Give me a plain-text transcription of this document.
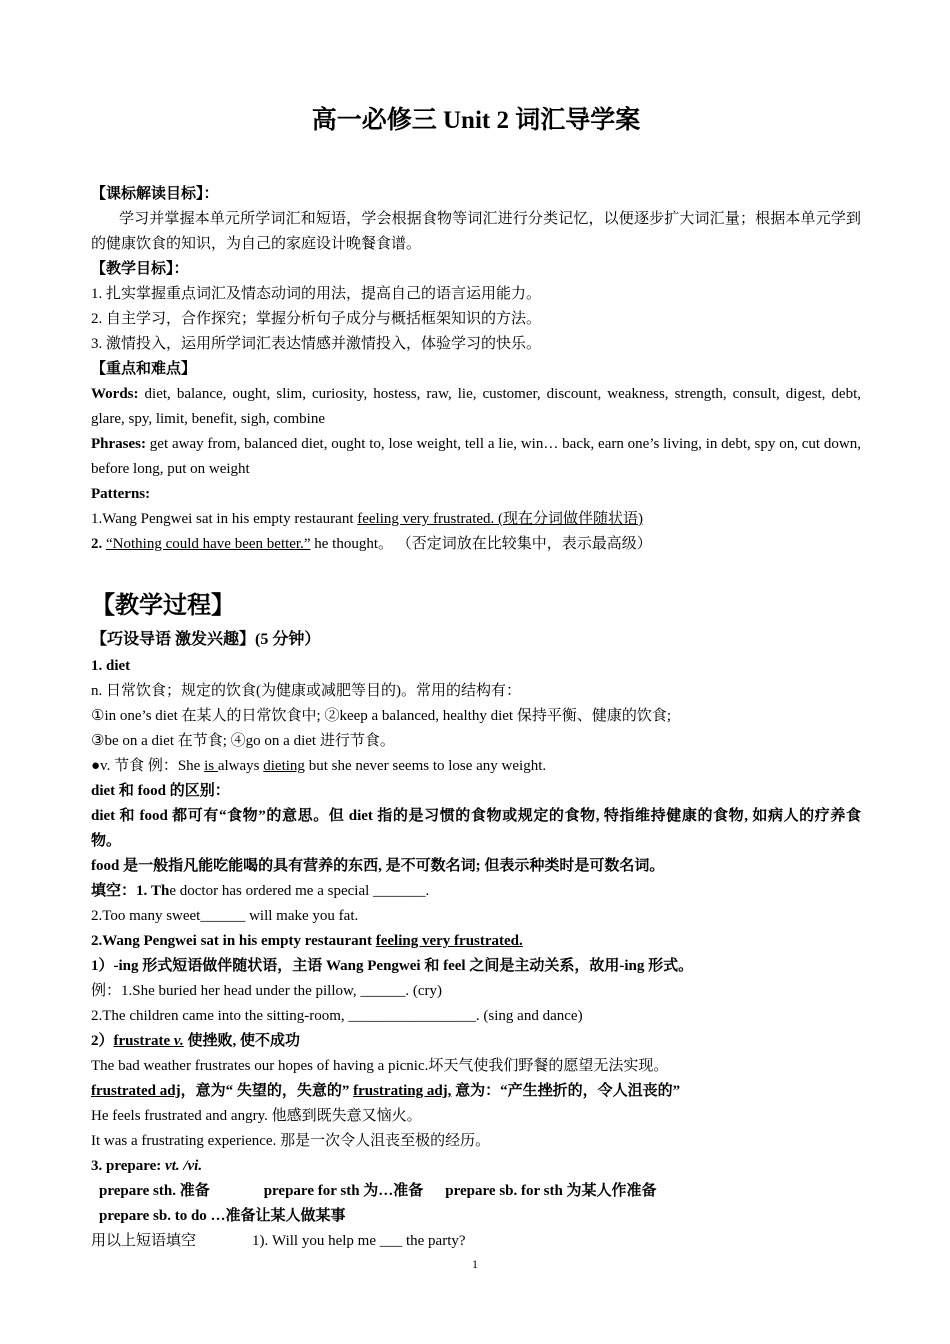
高一必修三 Unit 2 词汇导学案

【课标解读目标】：

学习并掌握本单元所学词汇和短语，学会根据食物等词汇进行分类记忆，以便逐步扩大词汇量；根据本单元学到的健康饮食的知识，为自己的家庭设计晚餐食谱。

【教学目标】：

1. 扎实掌握重点词汇及情态动词的用法，提高自己的语言运用能力。

2. 自主学习，合作探究；掌握分析句子成分与概括框架知识的方法。

3. 激情投入，运用所学词汇表达情感并激情投入，体验学习的快乐。

【重点和难点】

Words: diet, balance, ought, slim, curiosity, hostess, raw, lie, customer, discount, weakness, strength, consult, digest, debt, glare, spy, limit, benefit, sigh, combine

Phrases: get away from, balanced diet, ought to, lose weight, tell a lie, win… back, earn one’s living, in debt, spy on, cut down, before long, put on weight

Patterns:

1.Wang Pengwei sat in his empty restaurant feeling very frustrated. (现在分词做伴随状语)

2. “Nothing could have been better.” he thought。 （否定词放在比较集中，表示最高级）

【教学过程】

【巧设导语 激发兴趣】(5 分钟）

1. diet

n. 日常饮食；规定的饮食(为健康或减肥等目的)。常用的结构有：

①in one’s diet 在某人的日常饮食中; ②keep a balanced, healthy diet 保持平衡、健康的饮食;

③be on a diet 在节食; ④go on a diet 进行节食。

●v. 节食 例：She is always dieting but she never seems to lose any weight.

diet 和 food 的区别：

diet 和 food 都可有“食物”的意思。但 diet 指的是习惯的食物或规定的食物, 特指维持健康的食物, 如病人的疗养食物。

food 是一般指凡能吃能喝的具有营养的东西, 是不可数名词; 但表示种类时是可数名词。

填空：1. The doctor has ordered me a special _______.

2.Too many sweet______ will make you fat.

2.Wang Pengwei sat in his empty restaurant feeling very frustrated.

1）-ing 形式短语做伴随状语，主语 Wang Pengwei 和 feel 之间是主动关系，故用-ing 形式。

例：1.She buried her head under the pillow, ______. (cry)

2.The children came into the sitting-room, _________________. (sing and dance)

2）frustrate v. 使挫败, 使不成功

The bad weather frustrates our hopes of having a picnic.坏天气使我们野餐的愿望无法实现。

frustrated adj，意为“ 失望的，失意的” frustrating adj, 意为：“产生挫折的，令人沮丧的”

He feels frustrated and angry. 他感到既失意又恼火。

It was a frustrating experience. 那是一次令人沮丧至极的经历。

3. prepare: vt. /vi.

prepare sth. 准备	prepare for sth 为…准备 prepare sb. for sth 为某人作准备

prepare sb. to do …准备让某人做某事

用以上短语填空	1). Will you help me ___ the party?

1
